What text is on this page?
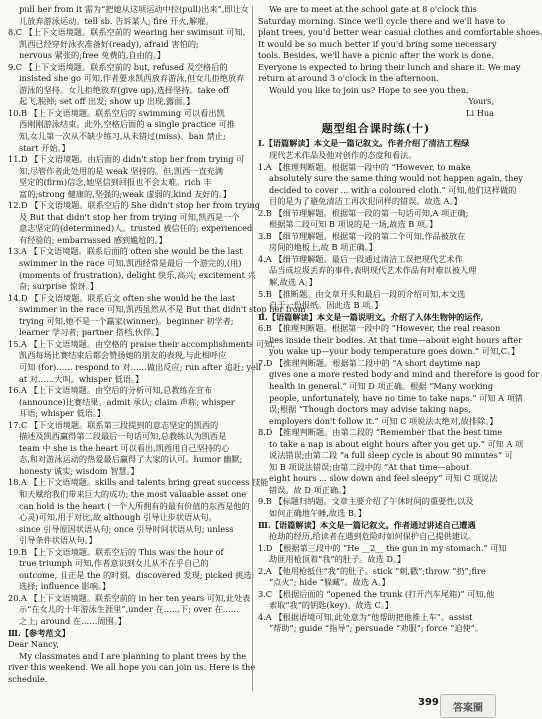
pull her from it 需为“把她从这项运动中拉(pull)出来”,即让女
儿放弃游泳运动。tell sb. 告诉某人; fire 开火,解雇。
8.C 【上下文语境题。联系空前的 wearing her swimsuit 可知,
凯西已经穿好泳衣准备好(ready), afraid 害怕的;
nervous 紧张的;free 免费的,自由的。】
9.C 【上下文语境题。联系空前的 but, refused 及空格后的
insisted she go 可知,作者要求凯西放弃游泳,但女儿拒绝放弃
游泳的坚持。女儿拒绝放弃(give up),选择坚持。take off
起飞,脱掉; set off 出发; show up 出现,露面。】
10.B 【上下文语境题。联系空后的 swimming 可以看出凯
西刚刚游泳结束。此外,空格后面的 a single practice 可推
知,女儿第一次从不缺少练习,从未错过(miss)。ban 禁止;
start 开始。】
11.D 【下文语境题。由后面的 didn't stop her from trying 可
知,尽管作者此处用的是 weak 坚持的。但,凯西一直充满
坚定的(firm)信念,她坚信到回报也不会太难。rich 丰
富的;strong 健康的,坚强的;weak 虚弱的,kind 友好的。】
12.D 【下文语境题。联系空后的 She didn't stop her from trying
及 But that didn't stop her from trying 可知,凯西是一个
意志坚定的(determined)人。trusted 被信任的; experienced
有经验的; embarrassed 感到尴尬的。】
13.A 【下文语境题。联系后面的 often she would be the last
swimmer in the race 可知,凯西经常是最后一个游完的,(用)
(moments of frustration), delight 快乐,高兴; excitement 兴
奋; surprise 惊讶。】
14.D 【下文语境题。联系后文 often she would be the last
swimmer in the race 可知,凯西虽然从不是 But that didn't stop her from
trying 可知,她不是一个赢家(winner)。beginner 初学者;
learner 学习者; partner 搭档,伙伴。】
15.A 【上下文语境题。由空格的 praise their accomplishments 可知,
凯西每场比赛结束后都会赞扬她的朋友的表现,与此相呼应
可知 (for)…… respond to 对……做出反应; run after 追赶; yell
at 对……大叫。whisper 低语。】
16.A 【上下文语境题。由空后的分析可知,总教练在宣布
(announce)比赛结果。admit 承认; claim 声称; whisper
耳语; whisper 低语。】
17.C 【下文语境题。联系第三段提到的意志坚定的凯西的
描述及凯西赢得第二段最后一句话可知,总教练认为凯西是
team 中 she is the heart 可以看出,凯西用自己坚持的心
态,和对游泳运动的热爱最后赢得了大家的认可。humor 幽默;
honesty 诚实; wisdom 智慧。】
18.A 【上下文语境题。skills and talents bring great success 技能
和天赋给我们带来巨大的成功; the most valuable asset one
can hold is the heart (一个人所拥有的最有价值的东西是他的
心灵)可知,用于对比,故 although 引导让步状语从句。
since 引导原因状语从句; once 引导时间状语从句; unless
引导条件状语从句。】
19.B 【上下文语境题。联系空后的 This was the hour of
true triumph 可知,作者意识到女儿从不在乎自己的
outcome, 且正是 the 的时刻。discovered 发现; picked 挑选;
选择; influence 影响。】
20.A 【上下文语境题。联系空前的 in her ten years 可知,此处表
示“在女儿的十年游泳生涯里”,under 在……下; over 在……
之上; around 在……周围。】
Ⅲ.【参考范文】
Dear Nancy,
My classmates and I are planning to plant trees by the
river this weekend. We all hope you can join us. Here is the
schedule.
We are to meet at the school gate at 8 o'clock this
Saturday morning. Since we'll cycle there and we'll have to
plant trees, you'd better wear casual clothes and comfortable shoes.
It would be so much better if you'd bring some necessary
tools. Besides, we'll have a picnic after the work is done.
Everyone is expected to bring their lunch and share it. We may
return at around 3 o'clock in the afternoon.
Would you like to join us? Hope to see you then.
Yours,
Li Hua
题型组合课时练(十)
Ⅰ.【语篇解读】本文是一篇记叙文。作者介绍了清洁工程绿
现代艺术作品及他对创作的态度和看法。
1.A 【推理判断题。根据第一段中的 “However, to make
absolutely sure the same thing would not happen again, they
decided to cover ... with a coloured cloth.” 可知,他们这样做的
目的是为了避免清洁工再次犯同样的错误。故选 A。】
2.B 【细节理解题。根据第一段的第一句话可知,A 项正确;
根据第二段可知 B 项说的是一场,故选 B 项。】
3.B 【细节理解题。根据第一段的第二个可知,作品被放在
房间的地板上,故 B 项正确。】
4.A 【细节理解题。最后一段通过清洁工误把现代艺术作
品当成垃圾丢弃的事件,表明现代艺术作品有时难以被人理
解,故选 A。】
5.B 【推断题。由文章开头和最后一段的介绍可知,本文选
自于一份报纸。因此选 B 项。】
Ⅱ.【语篇解读】本文是一篇说明文。介绍了人体生物钟的运作,
6.B 【推理判断题。根据第一段中的 “However, the real reason
lies inside their bodies. At that time—about eight hours after
you wake up—your body temperature goes down.” 可知,C。】
7.D 【推理判断题。根据第二段中的 “A short daytime nap
gives one a more rested body and mind and therefore is good for
health in general.” 可知 D 项正确。根据 “Many working
people, unfortunately, have no time to take naps.” 可知 A 项错
误;根据 “Though doctors may advise taking naps,
employers don't follow it.” 可知 C 项说法太绝对,故排除。】
8.D 【推理判断题。由第二段的 “Remember that the best time
to take a nap is about eight hours after you get up.” 可知 A 项
说法错误;由第二段 “a full sleep cycle is about 90 minutes” 可
知 B 项说法错误;由第二段中的 “At that time—about
eight hours ... slow down and feel sleepy” 可知 C 项说法
错误。故 D 项正确。】
9.B 【标题归纳题。文章主要介绍了午休时间的重要性,以及
如何正确地午睡,故选 B。】
Ⅲ.【语篇解读】本文是一篇记叙文。作者通过讲述自己遭遇
抢劫的经历,给读者在遇到危险时如何保护自己提供建议。
1.D 【根据第三段中的 “He __2__ the gun in my stomach.” 可知
劫匪用枪顶着“我”的肚子。故选 D。】
2.A 【他用枪抵住“我”的肚子。stick “刺,戳”;throw “扔”;fire
“点火”; hide “躲藏”。故选 A。】
3.C 【根据后面的 “opened the trunk (打开汽车尾箱)” 可知,他
索取“我”的钥匙(key)。故选 C。】
4.A 【根据语境可知,此处意为“他帮助把他推上车”。assist
“帮助”; guide “指导”; persuade “劝服”; force “迫使”。
399	答案圈
